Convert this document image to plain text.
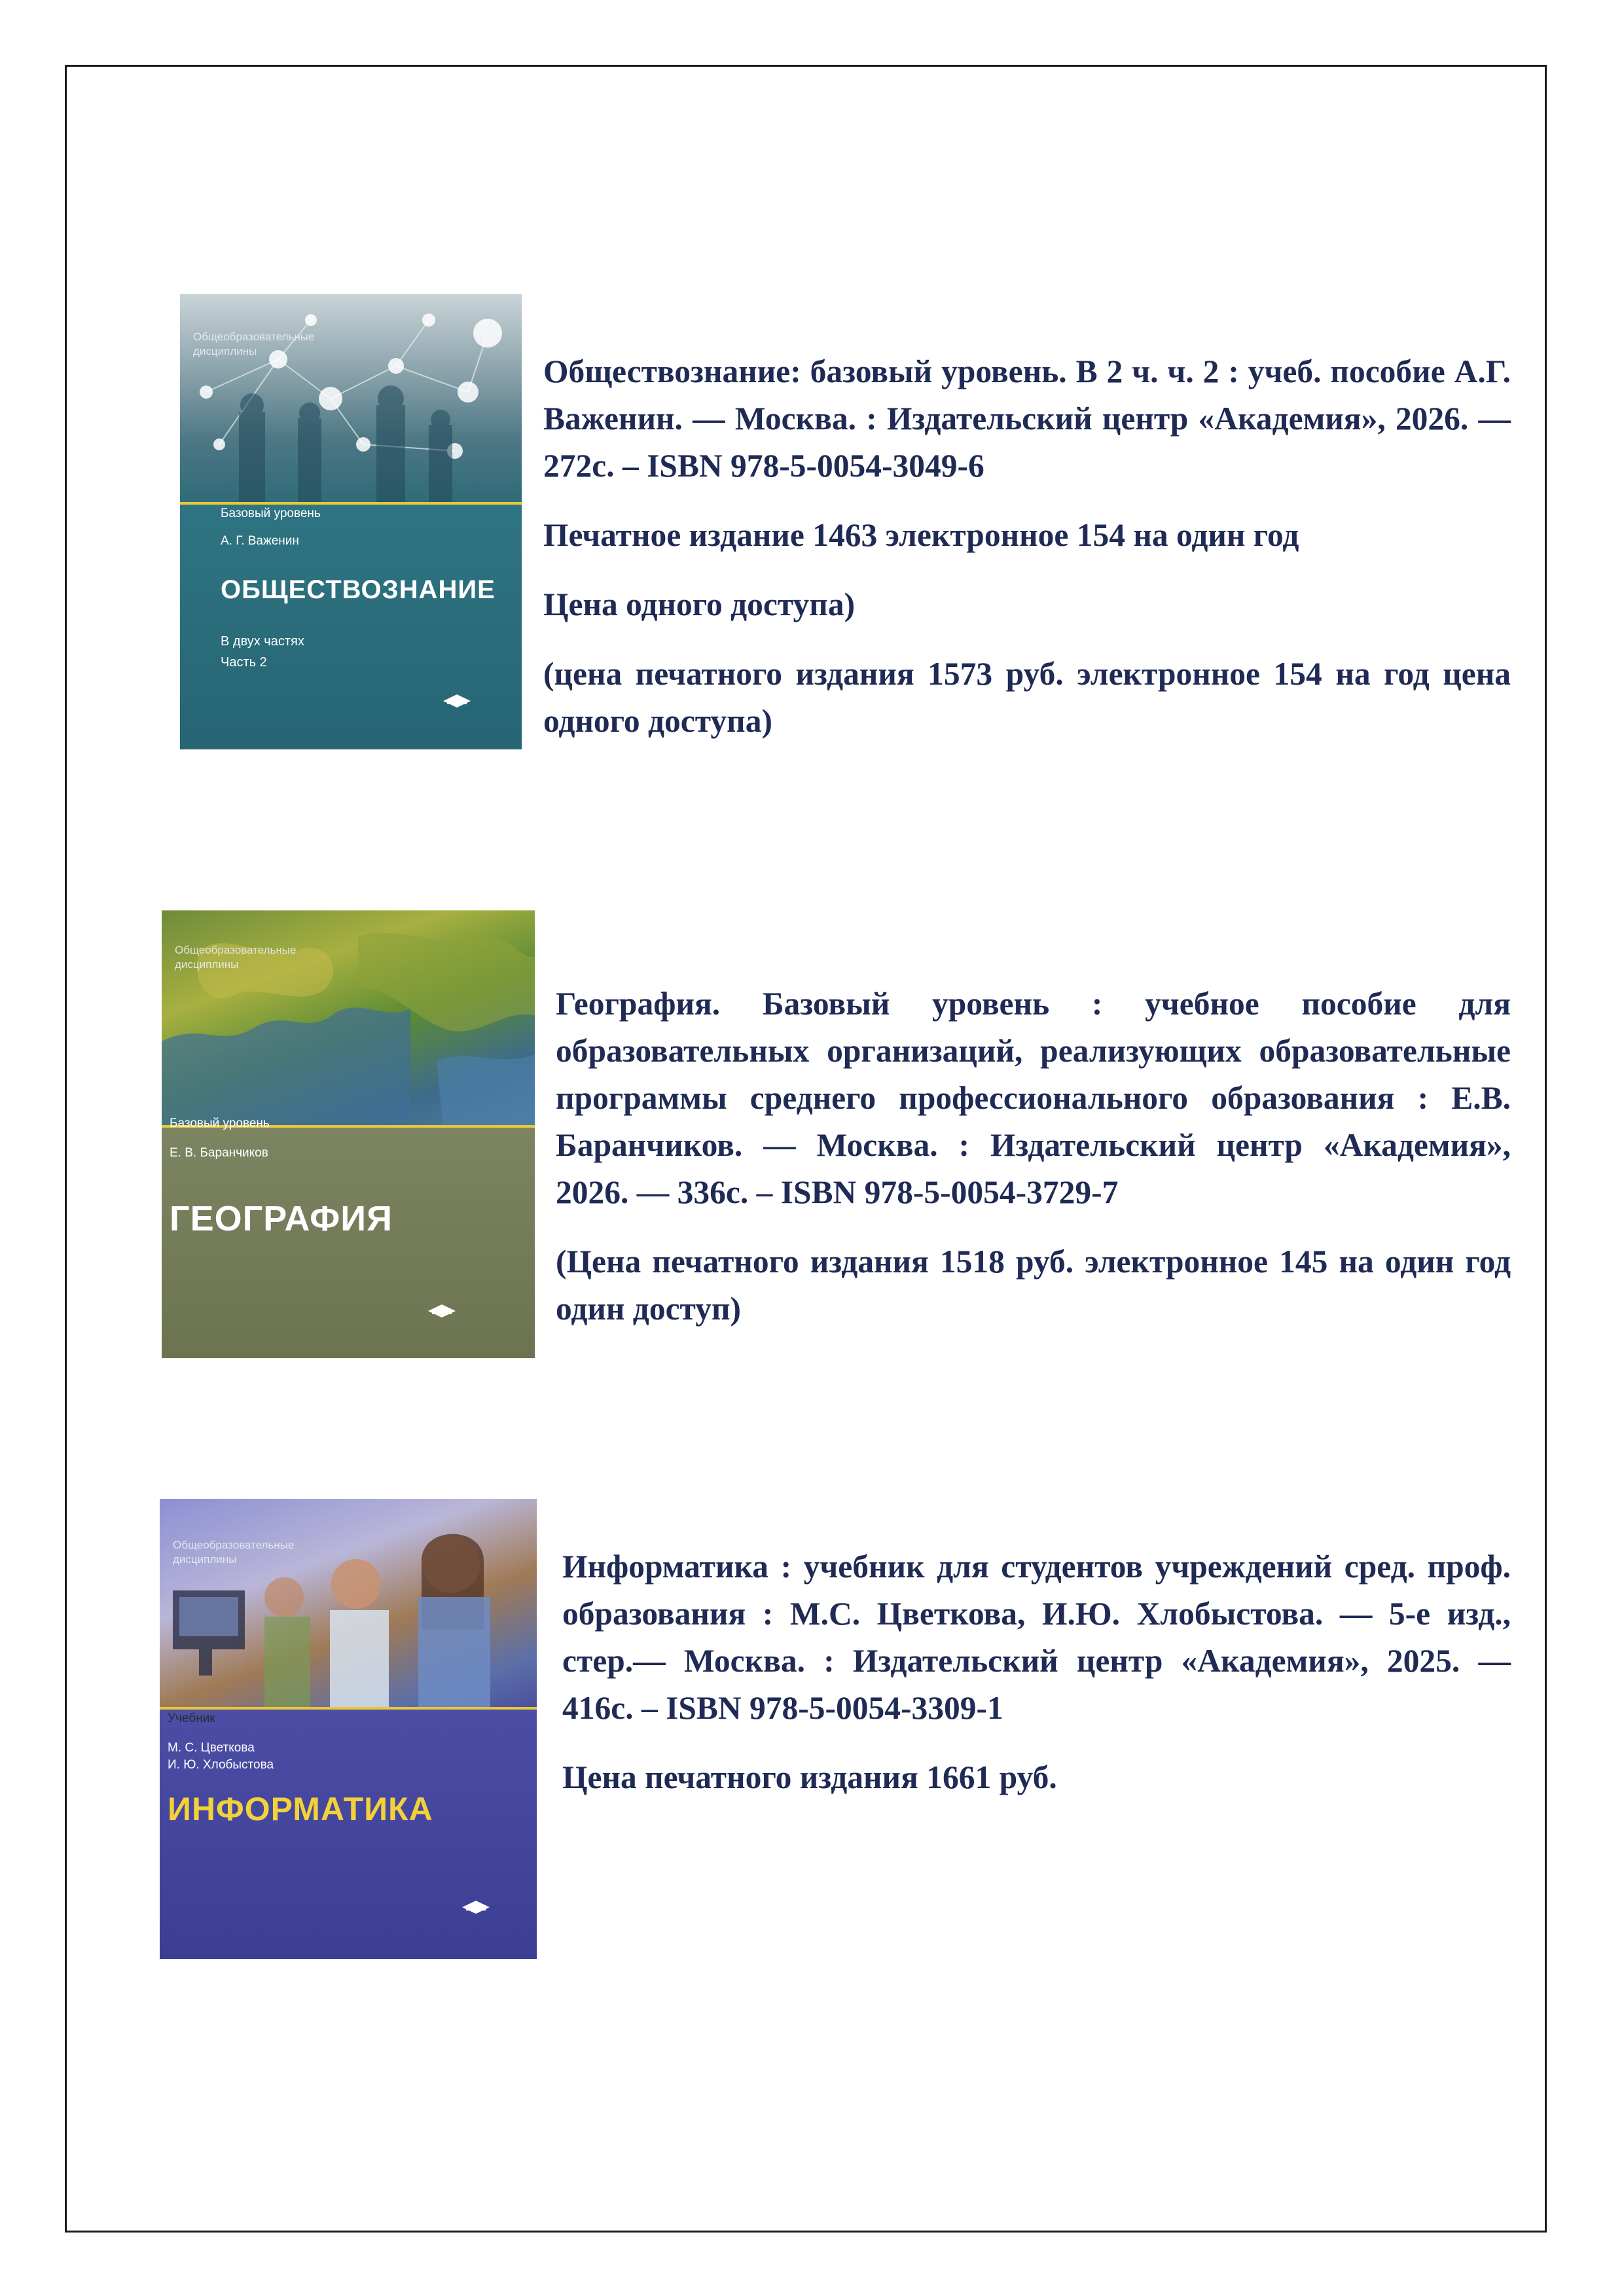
Общеобразовательные дисциплины
Базовый уровень
А. Г. Важенин
ОБЩЕСТВОЗНАНИЕ
В двух частях
Часть 2

Обществознание: базовый уровень. В 2 ч. ч. 2 : учеб. пособие А.Г. Важенин. — Москва. : Издательский центр «Академия», 2026. — 272с. – ISBN 978-5-0054-3049-6

Печатное издание 1463 электронное 154 на один год

Цена одного доступа)

(цена печатного издания 1573 руб. электронное 154 на год цена одного доступа)

Общеобразовательные дисциплины
Базовый уровень
Е. В. Баранчиков
ГЕОГРАФИЯ

География. Базовый уровень : учебное пособие для образовательных организаций, реализующих образовательные программы среднего профессионального образования : Е.В. Баранчиков. — Москва. : Издательский центр «Академия», 2026. — 336с. – ISBN 978-5-0054-3729-7

(Цена печатного издания 1518 руб. электронное 145 на один год один доступ)

Общеобразовательные дисциплины
Учебник
М. С. Цветкова
И. Ю. Хлобыстова
ИНФОРМАТИКА

Информатика : учебник для студентов учреждений сред. проф. образования : М.С. Цветкова, И.Ю. Хлобыстова. — 5-е изд., стер.— Москва. : Издательский центр «Академия», 2025. — 416с. – ISBN 978-5-0054-3309-1

Цена печатного издания 1661 руб.
